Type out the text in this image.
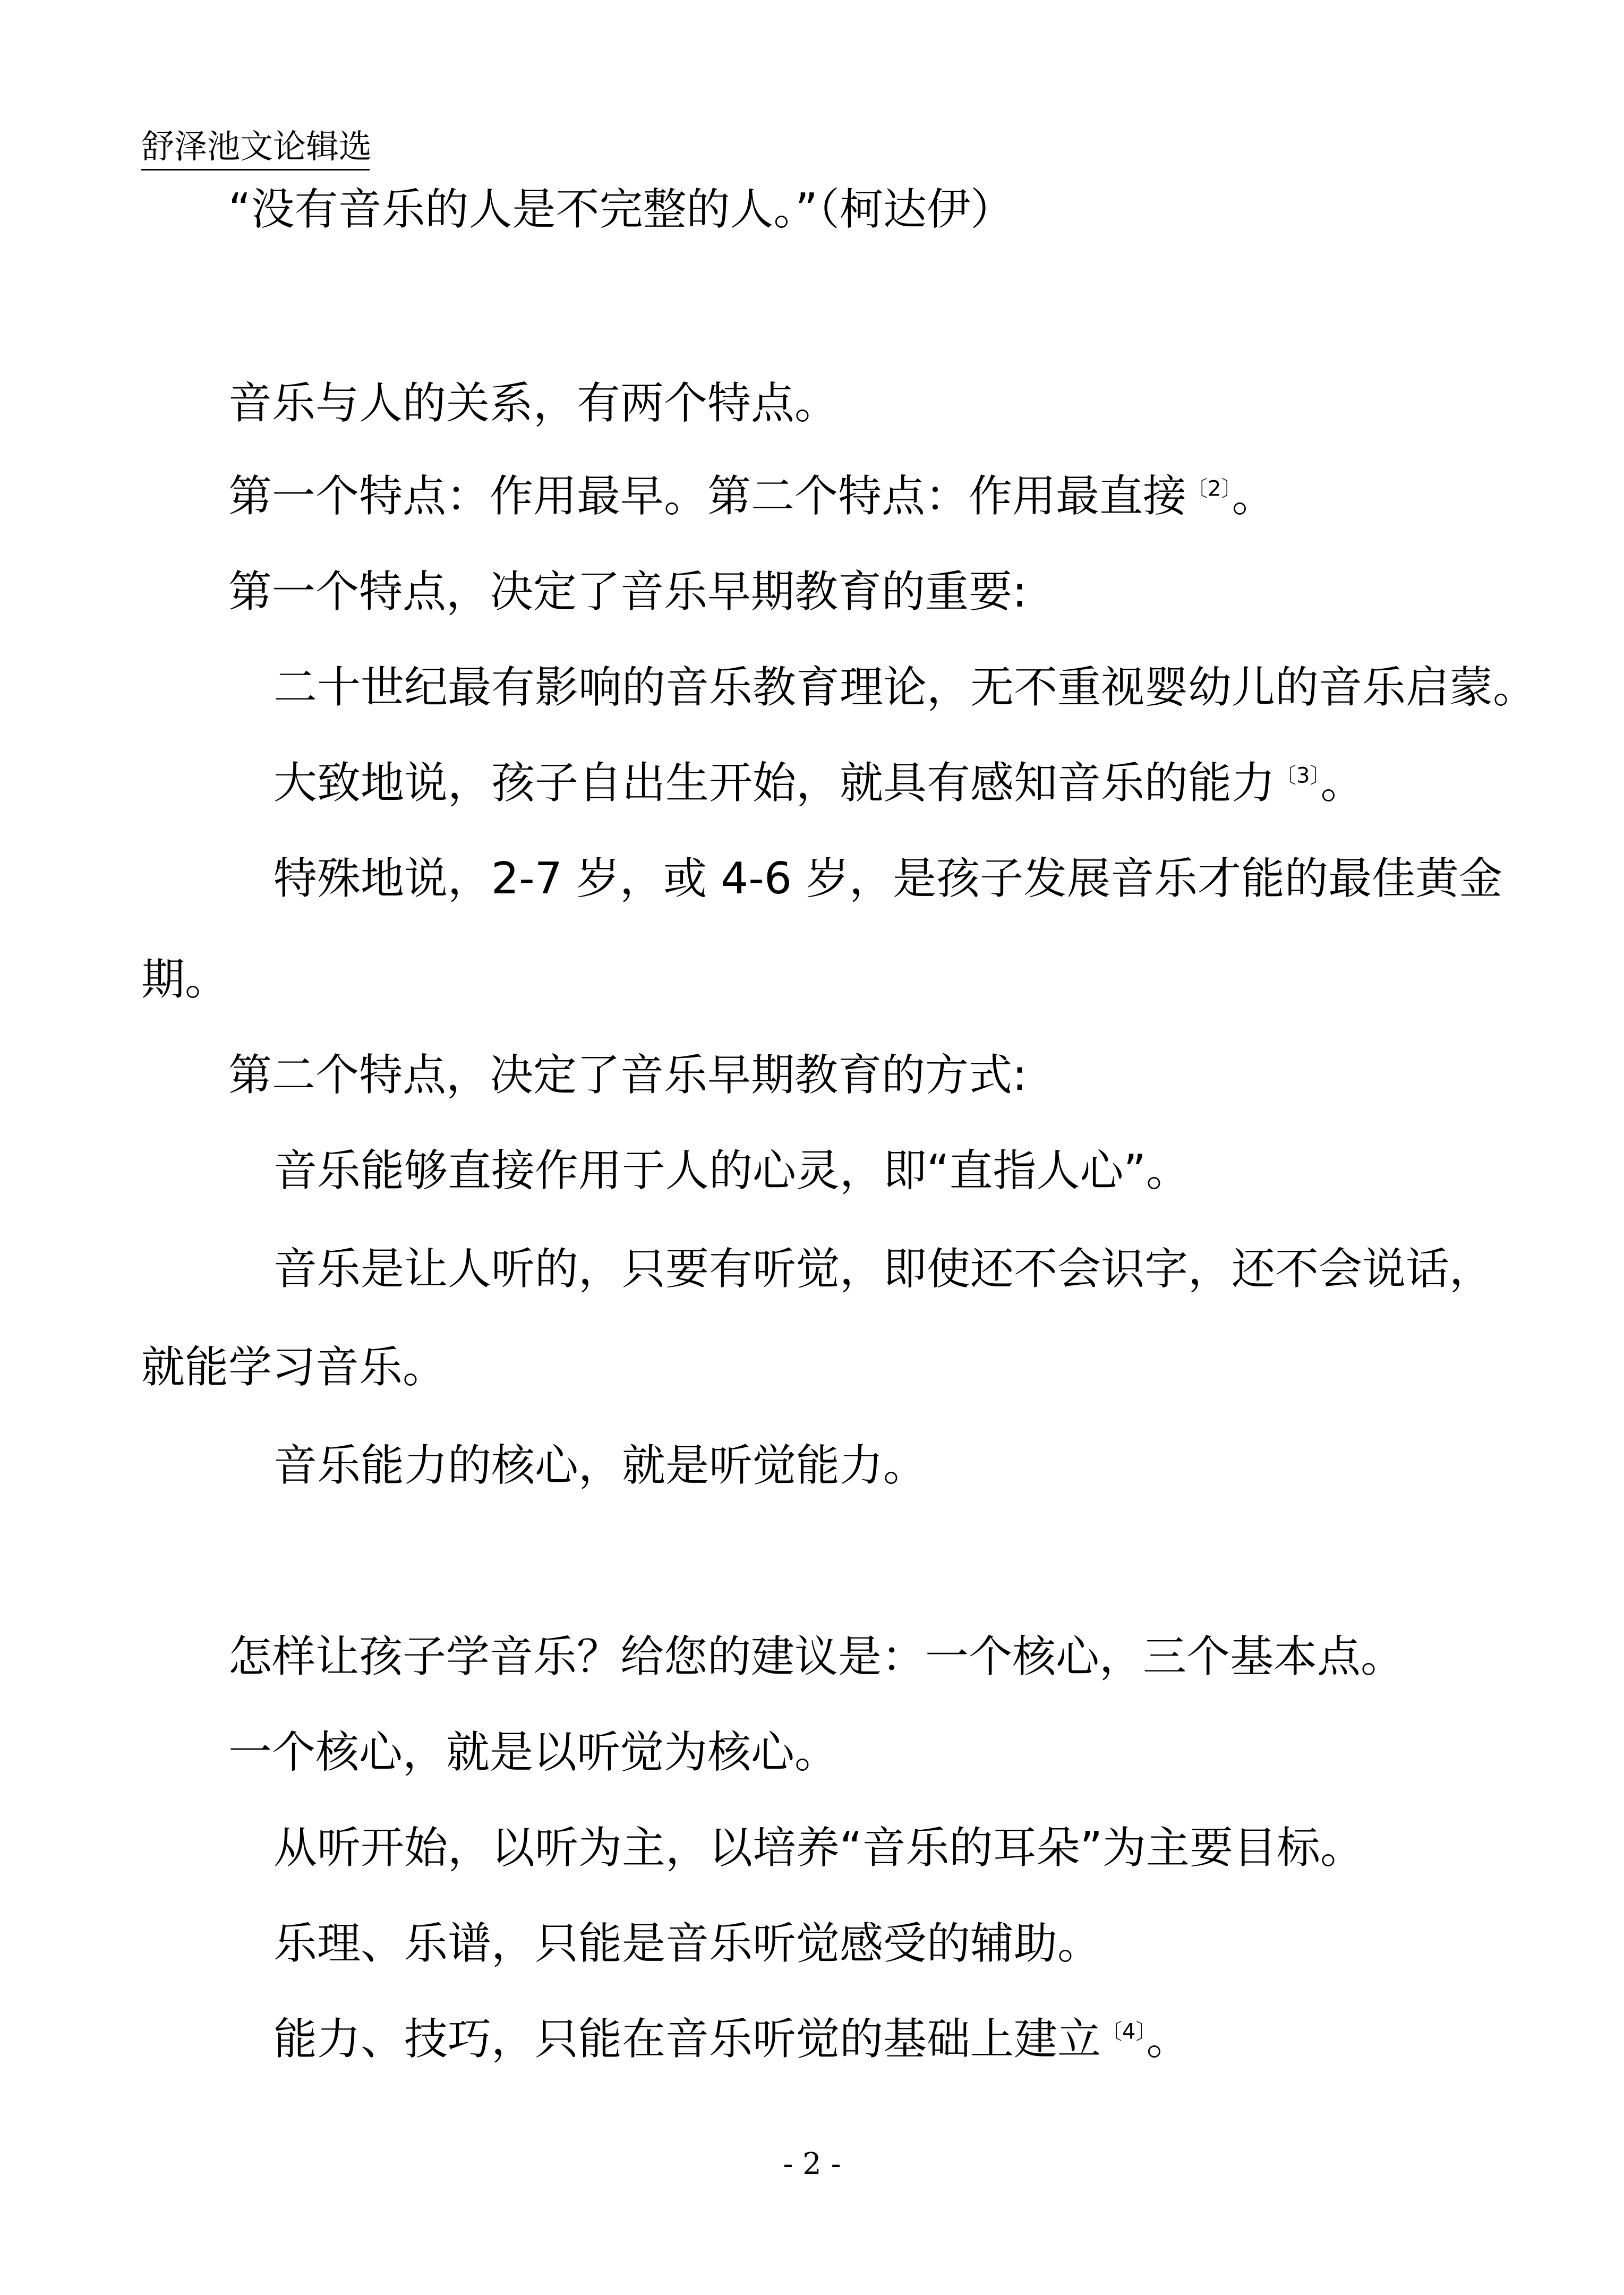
舒泽池文论辑选
“没有音乐的人是不完整的人。”（柯达伊）
音乐与人的关系，有两个特点。
第一个特点：作用最早。第二个特点：作用最直接$^{〔2〕}$。
第一个特点，决定了音乐早期教育的重要:
二十世纪最有影响的音乐教育理论，无不重视婴幼儿的音乐启蒙。
大致地说，孩子自出生开始，就具有感知音乐的能力$^{〔3〕}$。
特殊地说，2-7 岁，或 4-6 岁，是孩子发展音乐才能的最佳黄金
期。
第二个特点，决定了音乐早期教育的方式:
音乐能够直接作用于人的心灵，即“直指人心”。
音乐是让人听的，只要有听觉，即使还不会识字，还不会说话，
就能学习音乐。
音乐能力的核心，就是听觉能力。
怎样让孩子学音乐？给您的建议是：一个核心，三个基本点。
一个核心，就是以听觉为核心。
从听开始，以听为主，以培养“音乐的耳朵”为主要目标。
乐理、乐谱，只能是音乐听觉感受的辅助。
能力、技巧，只能在音乐听觉的基础上建立$^{〔4〕}$。
- 2 -
